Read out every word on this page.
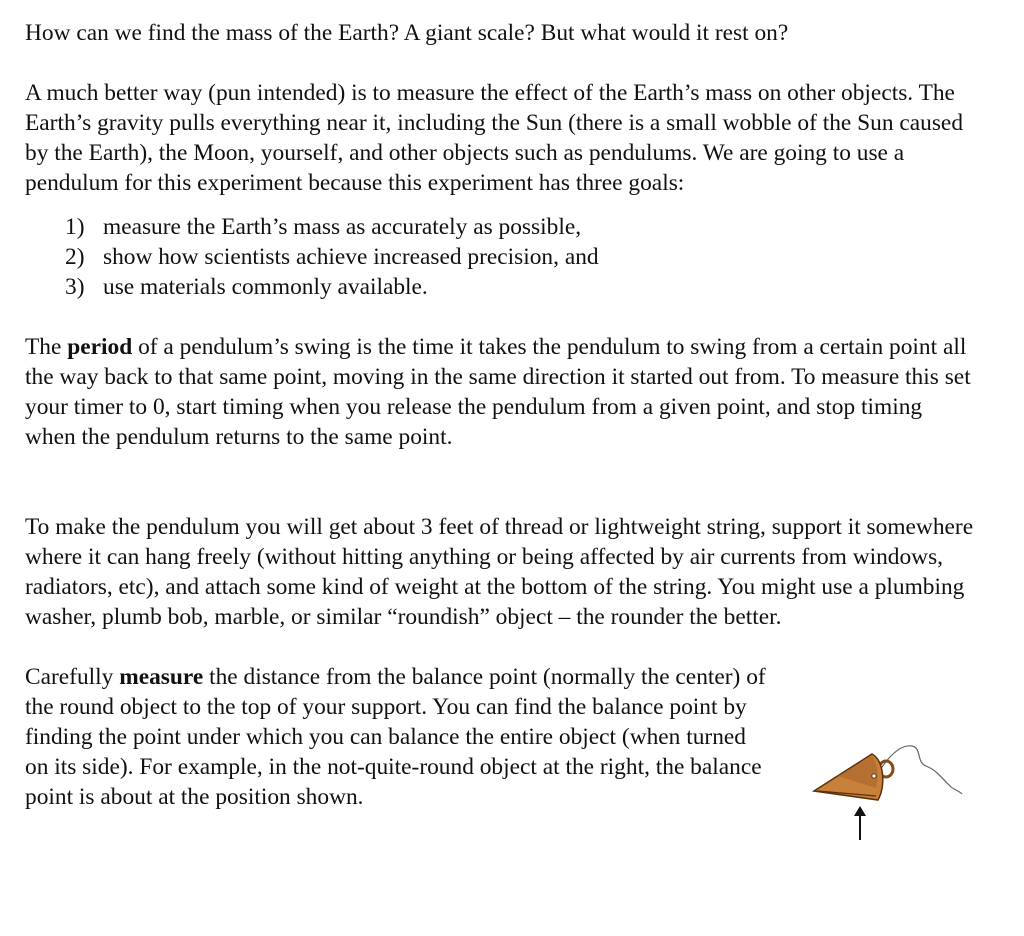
How can we find the mass of the Earth? A giant scale? But what would it rest on?

A much better way (pun intended) is to measure the effect of the Earth’s mass on other objects. The Earth’s gravity pulls everything near it, including the Sun (there is a small wobble of the Sun caused by the Earth), the Moon, yourself, and other objects such as pendulums. We are going to use a pendulum for this experiment because this experiment has three goals:

1) measure the Earth’s mass as accurately as possible,
2) show how scientists achieve increased precision, and
3) use materials commonly available.

The period of a pendulum’s swing is the time it takes the pendulum to swing from a certain point all the way back to that same point, moving in the same direction it started out from. To measure this set your timer to 0, start timing when you release the pendulum from a given point, and stop timing when the pendulum returns to the same point.

To make the pendulum you will get about 3 feet of thread or lightweight string, support it somewhere where it can hang freely (without hitting anything or being affected by air currents from windows, radiators, etc), and attach some kind of weight at the bottom of the string. You might use a plumbing washer, plumb bob, marble, or similar “roundish” object – the rounder the better.

Carefully measure the distance from the balance point (normally the center) of the round object to the top of your support. You can find the balance point by finding the point under which you can balance the entire object (when turned on its side). For example, in the not-quite-round object at the right, the balance point is about at the position shown.
